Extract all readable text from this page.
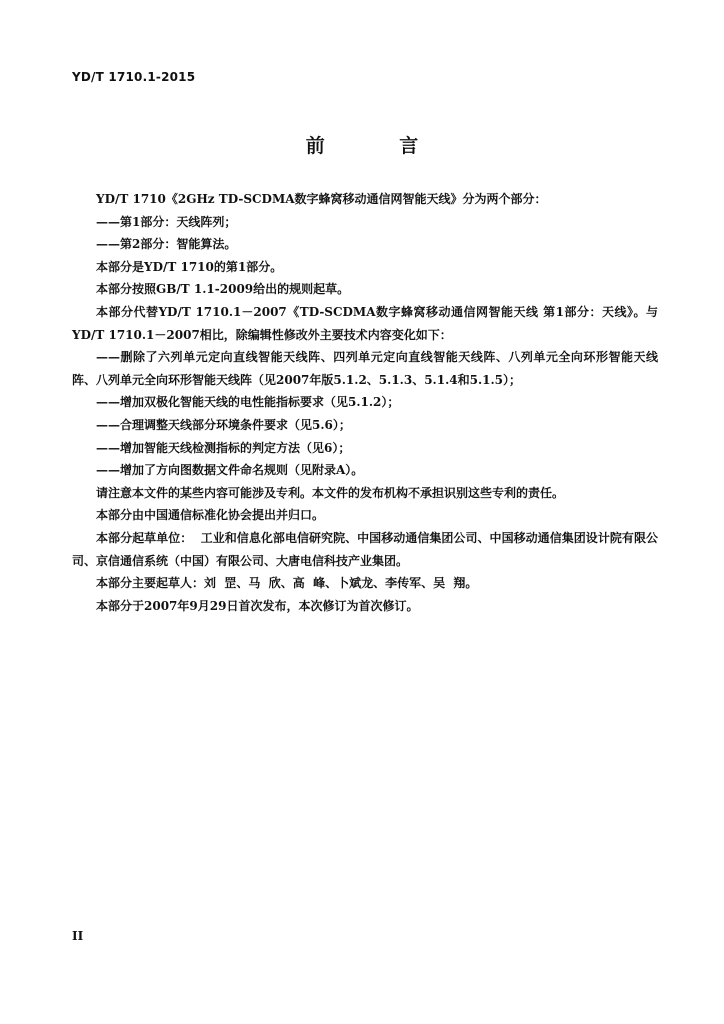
YD/T 1710.1-2015
前 言

YD/T 1710《2GHz TD-SCDMA数字蜂窝移动通信网智能天线》分为两个部分：

——第1部分：天线阵列；

——第2部分：智能算法。

本部分是YD/T 1710的第1部分。

本部分按照GB/T 1.1-2009给出的规则起草。

本部分代替YD/T 1710.1－2007《TD-SCDMA数字蜂窝移动通信网智能天线 第1部分：天线》。与YD/T 1710.1－2007相比，除编辑性修改外主要技术内容变化如下：

——删除了六列单元定向直线智能天线阵、四列单元定向直线智能天线阵、八列单元全向环形智能天线阵、八列单元全向环形智能天线阵（见2007年版5.1.2、5.1.3、5.1.4和5.1.5）；

——增加双极化智能天线的电性能指标要求（见5.1.2）；

——合理调整天线部分环境条件要求（见5.6）；

——增加智能天线检测指标的判定方法（见6）；

——增加了方向图数据文件命名规则（见附录A）。

请注意本文件的某些内容可能涉及专利。本文件的发布机构不承担识别这些专利的责任。

本部分由中国通信标准化协会提出并归口。

本部分起草单位：  工业和信息化部电信研究院、中国移动通信集团公司、中国移动通信集团设计院有限公司、京信通信系统（中国）有限公司、大唐电信科技产业集团。

本部分主要起草人：刘  罡、马  欣、高  峰、卜斌龙、李传军、吴  翔。

本部分于2007年9月29日首次发布，本次修订为首次修订。

II
